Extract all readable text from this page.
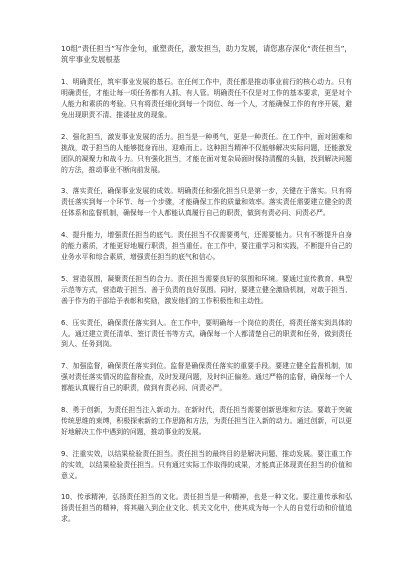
10组“责任担当”写作金句，重塑责任，激发担当，助力发展，请您惠存深化“责任担当”，筑牢事业发展根基

1、明确责任，筑牢事业发展的基石。在任何工作中，责任都是推动事业前行的核心动力。只有明确责任，才能让每一项任务都有人抓、有人管。明确责任不仅是对工作的基本要求，更是对个人能力和素质的考验。只有将责任细化到每一个岗位、每一个人，才能确保工作的有序开展，避免出现职责不清、推诿扯皮的现象。

2、强化担当，激发事业发展的活力。担当是一种勇气，更是一种责任。在工作中，面对困难和挑战，敢于担当的人能够挺身而出，迎难而上。这种担当精神不仅能够解决实际问题，还能激发团队的凝聚力和战斗力。只有强化担当，才能在面对复杂局面时保持清醒的头脑，找到解决问题的方法，推动事业不断向前发展。

3、落实责任，确保事业发展的成效。明确责任和强化担当只是第一步，关键在于落实。只有将责任落实到每一个环节、每一个步骤，才能确保工作的质量和效率。落实责任需要建立健全的责任体系和监督机制，确保每一个人都能认真履行自己的职责，做到有责必问、问责必严。

4、提升能力，增强责任担当的底气。责任担当不仅需要勇气，还需要能力。只有不断提升自身的能力素质，才能更好地履行职责，担当重任。在工作中，要注重学习和实践，不断提升自己的业务水平和综合素质，增强责任担当的底气和信心。

5、营造氛围，凝聚责任担当的合力。责任担当需要良好的氛围和环境。要通过宣传教育、典型示范等方式，营造敢于担当、善于负责的良好氛围。同时，要建立健全激励机制，对敢于担当、善于作为的干部给予表彰和奖励，激发他们的工作积极性和主动性。

6、压实责任，确保责任落实到人。在工作中，要明确每一个岗位的责任，将责任落实到具体的人。通过建立责任清单、签订责任书等方式，确保每一个人都清楚自己的职责和任务，做到责任到人、任务到岗。

7、加强监督，确保责任落实到位。监督是确保责任落实的重要手段。要建立健全监督机制，加强对责任落实情况的监督检查，及时发现问题，及时纠正偏差。通过严格的监督，确保每一个人都能认真履行自己的职责，做到有责必问、问责必严。

8、勇于创新，为责任担当注入新动力。在新时代，责任担当需要创新思维和方法。要敢于突破传统思维的束缚，积极探索新的工作思路和方法，为责任担当注入新的动力。通过创新，可以更好地解决工作中遇到的问题，推动事业的发展。

9、注重实效，以结果检验责任担当。责任担当的最终目的是解决问题、推动发展。要注重工作的实效，以结果检验责任担当。只有通过实际工作取得的成果，才能真正体现责任担当的价值和意义。

10、传承精神，弘扬责任担当的文化。责任担当是一种精神，也是一种文化。要注重传承和弘扬责任担当的精神，将其融入到企业文化、机关文化中，使其成为每一个人的自觉行动和价值追求。
